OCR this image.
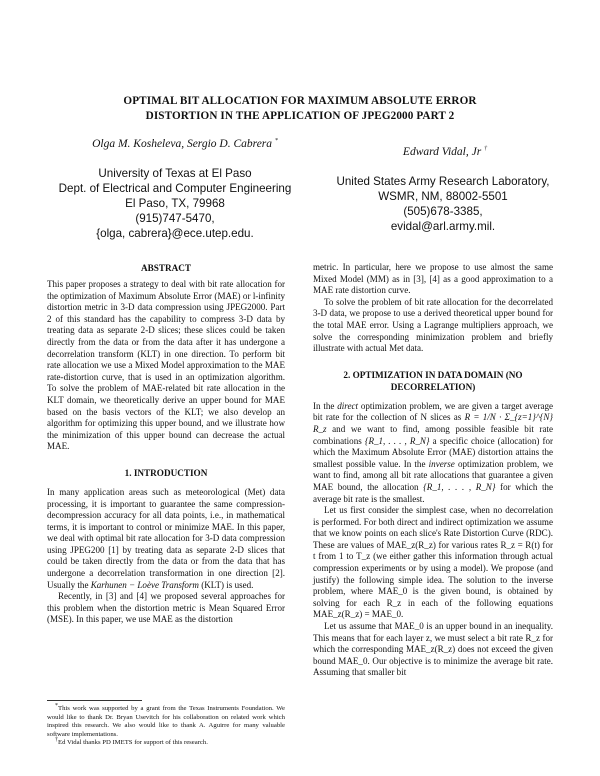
OPTIMAL BIT ALLOCATION FOR MAXIMUM ABSOLUTE ERROR
DISTORTION IN THE APPLICATION OF JPEG2000 PART 2
Olga M. Kosheleva, Sergio D. Cabrera *
Edward Vidal, Jr †
University of Texas at El Paso
Dept. of Electrical and Computer Engineering
El Paso, TX, 79968
(915)747-5470,
{olga, cabrera}@ece.utep.edu.
United States Army Research Laboratory,
WSMR, NM, 88002-5501
(505)678-3385,
evidal@arl.army.mil.
ABSTRACT

This paper proposes a strategy to deal with bit rate allocation for the optimization of Maximum Absolute Error (MAE) or l-infinity distortion metric in 3-D data compression using JPEG2000. Part 2 of this standard has the capability to compress 3-D data by treating data as separate 2-D slices; these slices could be taken directly from the data or from the data after it has undergone a decorrelation transform (KLT) in one direction. To perform bit rate allocation we use a Mixed Model approximation to the MAE rate-distortion curve, that is used in an optimization algorithm. To solve the problem of MAE-related bit rate allocation in the KLT domain, we theoretically derive an upper bound for MAE based on the basis vectors of the KLT; we also develop an algorithm for optimizing this upper bound, and we illustrate how the minimization of this upper bound can decrease the actual MAE.

1. INTRODUCTION

In many application areas such as meteorological (Met) data processing, it is important to guarantee the same compression-decompression accuracy for all data points, i.e., in mathematical terms, it is important to control or minimize MAE. In this paper, we deal with optimal bit rate allocation for 3-D data compression using JPEG200 [1] by treating data as separate 2-D slices that could be taken directly from the data or from the data that has undergone a decorrelation transformation in one direction [2]. Usually the Karhunen − Loève Transform (KLT) is used.

Recently, in [3] and [4] we proposed several approaches for this problem when the distortion metric is Mean Squared Error (MSE). In this paper, we use MAE as the distortion

*This work was supported by a grant from the Texas Instruments Foundation. We would like to thank Dr. Bryan Usevitch for his collaboration on related work which inspired this research. We also would like to thank A. Aguirre for many valuable software implementations.

†Ed Vidal thanks PD IMETS for support of this research.

metric. In particular, here we propose to use almost the same Mixed Model (MM) as in [3], [4] as a good approximation to a MAE rate distortion curve.

To solve the problem of bit rate allocation for the decorrelated 3-D data, we propose to use a derived theoretical upper bound for the total MAE error. Using a Lagrange multipliers approach, we solve the corresponding minimization problem and briefly illustrate with actual Met data.

2. OPTIMIZATION IN DATA DOMAIN (NO
DECORRELATION)

In the direct optimization problem, we are given a target average bit rate for the collection of N slices as R = 1/N · Σ_{z=1}^{N} R_z and we want to find, among possible feasible bit rate combinations {R_1, . . . , R_N} a specific choice (allocation) for which the Maximum Absolute Error (MAE) distortion attains the smallest possible value. In the inverse optimization problem, we want to find, among all bit rate allocations that guarantee a given MAE bound, the allocation {R_1, . . . , R_N} for which the average bit rate is the smallest.

Let us first consider the simplest case, when no decorrelation is performed. For both direct and indirect optimization we assume that we know points on each slice's Rate Distortion Curve (RDC). These are values of MAE_z(R_z) for various rates R_z = R(t) for t from 1 to T_z (we either gather this information through actual compression experiments or by using a model). We propose (and justify) the following simple idea. The solution to the inverse problem, where MAE_0 is the given bound, is obtained by solving for each R_z in each of the following equations MAE_z(R_z) = MAE_0.

Let us assume that MAE_0 is an upper bound in an inequality. This means that for each layer z, we must select a bit rate R_z for which the corresponding MAE_z(R_z) does not exceed the given bound MAE_0. Our objective is to minimize the average bit rate. Assuming that smaller bit
